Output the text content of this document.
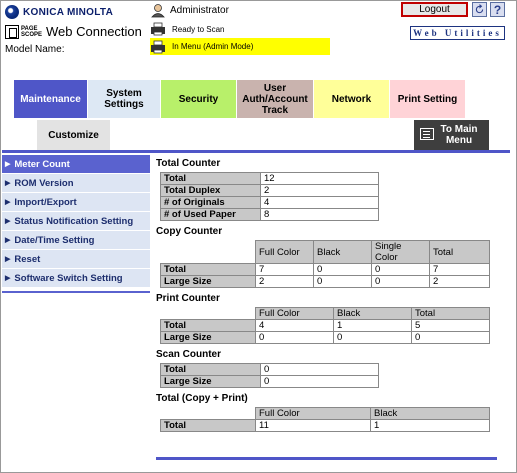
KONICA MINOLTA
PAGE
SCOPE Web Connection
Model Name:
Administrator
Ready to Scan
In Menu (Admin Mode)
Logout	?
Web Utilities
Maintenance	System Settings	Security
User Auth/Account Track
Network	Print Setting
Customize	To Main Menu
▶ Meter Count
▶ ROM Version
▶ Import/Export
▶ Status Notification Setting
▶ Date/Time Setting
▶ Reset
▶ Software Switch Setting
Total Counter
Total	12
Total Duplex	2
# of Originals	4
# of Used Paper	8
Copy Counter
	Full Color	Black	Single Color	Total
Total	7	0	0	7
Large Size	2	0	0	2
Print Counter
	Full Color	Black	Total
Total	4	1	5
Large Size	0	0	0
Scan Counter
Total	0
Large Size	0
Total (Copy + Print)
	Full Color	Black
Total	11	1
